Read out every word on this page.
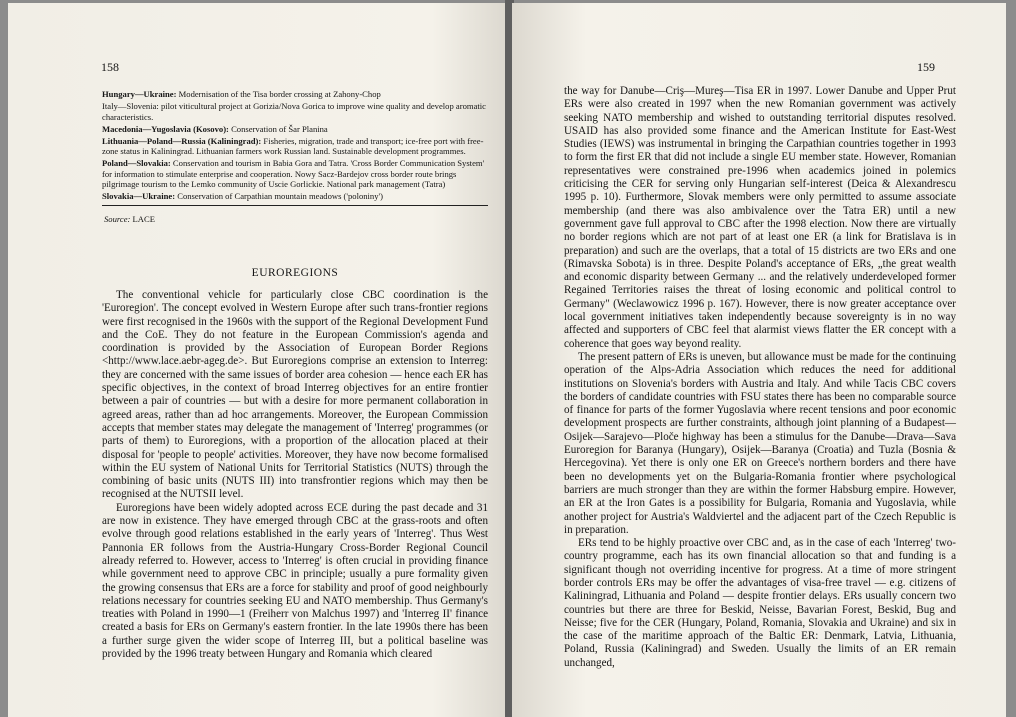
158
Hungary—Ukraine: Modernisation of the Tisa border crossing at Zahony-Chop
Italy—Slovenia: pilot viticultural project at Gorizia/Nova Gorica to improve wine quality and develop aromatic characteristics.
Macedonia—Yugoslavia (Kosovo): Conservation of Šar Planina
Lithuania—Poland—Russia (Kaliningrad): Fisheries, migration, trade and transport; ice-free port with free-zone status in Kaliningrad. Lithuanian farmers work Russian land. Sustainable development programmes.
Poland—Slovakia: Conservation and tourism in Babia Gora and Tatra. 'Cross Border Communication System' for information to stimulate enterprise and cooperation. Nowy Sacz-Bardejov cross border route brings pilgrimage tourism to the Lemko community of Uscie Gorlickie. National park management (Tatra)
Slovakia—Ukraine: Conservation of Carpathian mountain meadows ('poloniny')
Source: LACE
EUROREGIONS

The conventional vehicle for particularly close CBC coordination is the 'Euroregion'. The concept evolved in Western Europe after such trans-frontier regions were first recognised in the 1960s with the support of the Regional Development Fund and the CoE. They do not feature in the European Commission's agenda and coordination is provided by the Association of European Border Regions <http://www.lace.aebr-ageg.de>. But Euroregions comprise an extension to Interreg: they are concerned with the same issues of border area cohesion — hence each ER has specific objectives, in the context of broad Interreg objectives for an entire frontier between a pair of countries — but with a desire for more permanent collaboration in agreed areas, rather than ad hoc arrangements. Moreover, the European Commission accepts that member states may delegate the management of 'Interreg' programmes (or parts of them) to Euroregions, with a proportion of the allocation placed at their disposal for 'people to people' activities. Moreover, they have now become formalised within the EU system of National Units for Territorial Statistics (NUTS) through the combining of basic units (NUTS III) into transfrontier regions which may then be recognised at the NUTSII level.

Euroregions have been widely adopted across ECE during the past decade and 31 are now in existence. They have emerged through CBC at the grass-roots and often evolve through good relations established in the early years of 'Interreg'. Thus West Pannonia ER follows from the Austria-Hungary Cross-Border Regional Council already referred to. However, access to 'Interreg' is often crucial in providing finance while government need to approve CBC in principle; usually a pure formality given the growing consensus that ERs are a force for stability and proof of good neighbourly relations necessary for countries seeking EU and NATO membership. Thus Germany's treaties with Poland in 1990—1 (Freiherr von Malchus 1997) and 'Interreg II' finance created a basis for ERs on Germany's eastern frontier. In the late 1990s there has been a further surge given the wider scope of Interreg III, but a political baseline was provided by the 1996 treaty between Hungary and Romania which cleared

159

the way for Danube—Criş—Mureş—Tisa ER in 1997. Lower Danube and Upper Prut ERs were also created in 1997 when the new Romanian government was actively seeking NATO membership and wished to outstanding territorial disputes resolved. USAID has also provided some finance and the American Institute for East-West Studies (IEWS) was instrumental in bringing the Carpathian countries together in 1993 to form the first ER that did not include a single EU member state. However, Romanian representatives were constrained pre-1996 when academics joined in polemics criticising the CER for serving only Hungarian self-interest (Deica & Alexandrescu 1995 p. 10). Furthermore, Slovak members were only permitted to assume associate membership (and there was also ambivalence over the Tatra ER) until a new government gave full approval to CBC after the 1998 election. Now there are virtually no border regions which are not part of at least one ER (a link for Bratislava is in preparation) and such are the overlaps, that a total of 15 districts are two ERs and one (Rimavska Sobota) is in three. Despite Poland's acceptance of ERs, „the great wealth and economic disparity between Germany ... and the relatively underdeveloped former Regained Territories raises the threat of losing economic and political control to Germany" (Weclawowicz 1996 p. 167). However, there is now greater acceptance over local government initiatives taken independently because sovereignty is in no way affected and supporters of CBC feel that alarmist views flatter the ER concept with a coherence that goes way beyond reality.

The present pattern of ERs is uneven, but allowance must be made for the continuing operation of the Alps-Adria Association which reduces the need for additional institutions on Slovenia's borders with Austria and Italy. And while Tacis CBC covers the borders of candidate countries with FSU states there has been no comparable source of finance for parts of the former Yugoslavia where recent tensions and poor economic development prospects are further constraints, although joint planning of a Budapest—Osijek—Sarajevo—Ploče highway has been a stimulus for the Danube—Drava—Sava Euroregion for Baranya (Hungary), Osijek—Baranya (Croatia) and Tuzla (Bosnia & Hercegovina). Yet there is only one ER on Greece's northern borders and there have been no developments yet on the Bulgaria-Romania frontier where psychological barriers are much stronger than they are within the former Habsburg empire. However, an ER at the Iron Gates is a possibility for Bulgaria, Romania and Yugoslavia, while another project for Austria's Waldviertel and the adjacent part of the Czech Republic is in preparation.

ERs tend to be highly proactive over CBC and, as in the case of each 'Interreg' two-country programme, each has its own financial allocation so that and funding is a significant though not overriding incentive for progress. At a time of more stringent border controls ERs may be offer the advantages of visa-free travel — e.g. citizens of Kaliningrad, Lithuania and Poland — despite frontier delays. ERs usually concern two countries but there are three for Beskid, Neisse, Bavarian Forest, Beskid, Bug and Neisse; five for the CER (Hungary, Poland, Romania, Slovakia and Ukraine) and six in the case of the maritime approach of the Baltic ER: Denmark, Latvia, Lithuania, Poland, Russia (Kaliningrad) and Sweden. Usually the limits of an ER remain unchanged,
